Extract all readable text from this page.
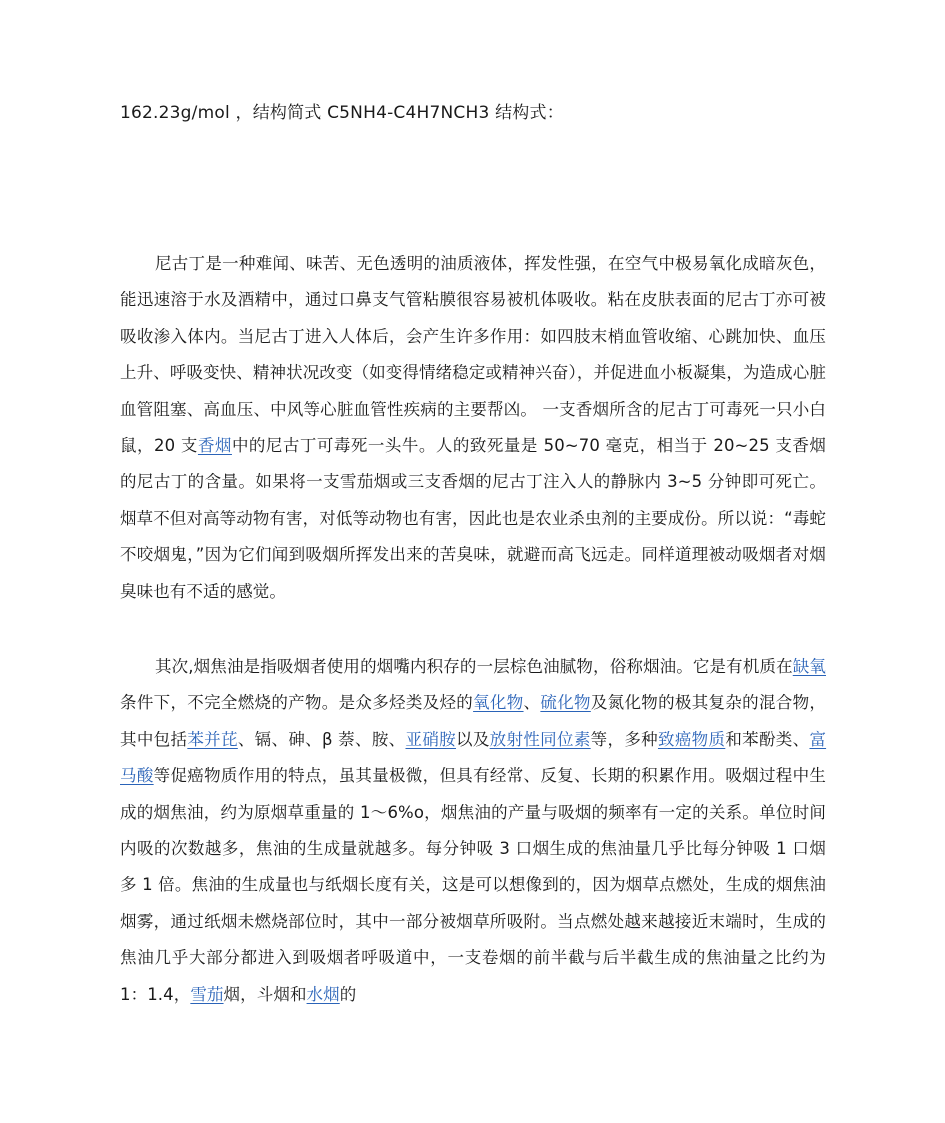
162.23g/mol ，结构简式 C5NH4-C4H7NCH3 结构式：

尼古丁是一种难闻、味苦、无色透明的油质液体，挥发性强，在空气中极易氧化成暗灰色，能迅速溶于水及酒精中，通过口鼻支气管粘膜很容易被机体吸收。粘在皮肤表面的尼古丁亦可被吸收渗入体内。当尼古丁进入人体后，会产生许多作用：如四肢末梢血管收缩、心跳加快、血压上升、呼吸变快、精神状况改变（如变得情绪稳定或精神兴奋），并促进血小板凝集，为造成心脏血管阻塞、高血压、中风等心脏血管性疾病的主要帮凶。 一支香烟所含的尼古丁可毒死一只小白鼠，20 支香烟中的尼古丁可毒死一头牛。人的致死量是 50~70 毫克，相当于 20~25 支香烟的尼古丁的含量。如果将一支雪茄烟或三支香烟的尼古丁注入人的静脉内 3~5 分钟即可死亡。烟草不但对高等动物有害，对低等动物也有害，因此也是农业杀虫剂的主要成份。所以说：“毒蛇不咬烟鬼，”因为它们闻到吸烟所挥发出来的苦臭味，就避而高飞远走。同样道理被动吸烟者对烟臭味也有不适的感觉。

其次,烟焦油是指吸烟者使用的烟嘴内积存的一层棕色油腻物，俗称烟油。它是有机质在缺氧条件下，不完全燃烧的产物。是众多烃类及烃的氧化物、硫化物及氮化物的极其复杂的混合物，其中包括苯并芘、镉、砷、β 萘、胺、亚硝胺以及放射性同位素等，多种致癌物质和苯酚类、富马酸等促癌物质作用的特点，虽其量极微，但具有经常、反复、长期的积累作用。吸烟过程中生成的烟焦油，约为原烟草重量的 1～6%o，烟焦油的产量与吸烟的频率有一定的关系。单位时间内吸的次数越多，焦油的生成量就越多。每分钟吸 3 口烟生成的焦油量几乎比每分钟吸 1 口烟多 1 倍。焦油的生成量也与纸烟长度有关，这是可以想像到的，因为烟草点燃处，生成的烟焦油烟雾，通过纸烟未燃烧部位时，其中一部分被烟草所吸附。当点燃处越来越接近末端时，生成的焦油几乎大部分都进入到吸烟者呼吸道中，一支卷烟的前半截与后半截生成的焦油量之比约为 1：1.4，雪茄烟，斗烟和水烟的
